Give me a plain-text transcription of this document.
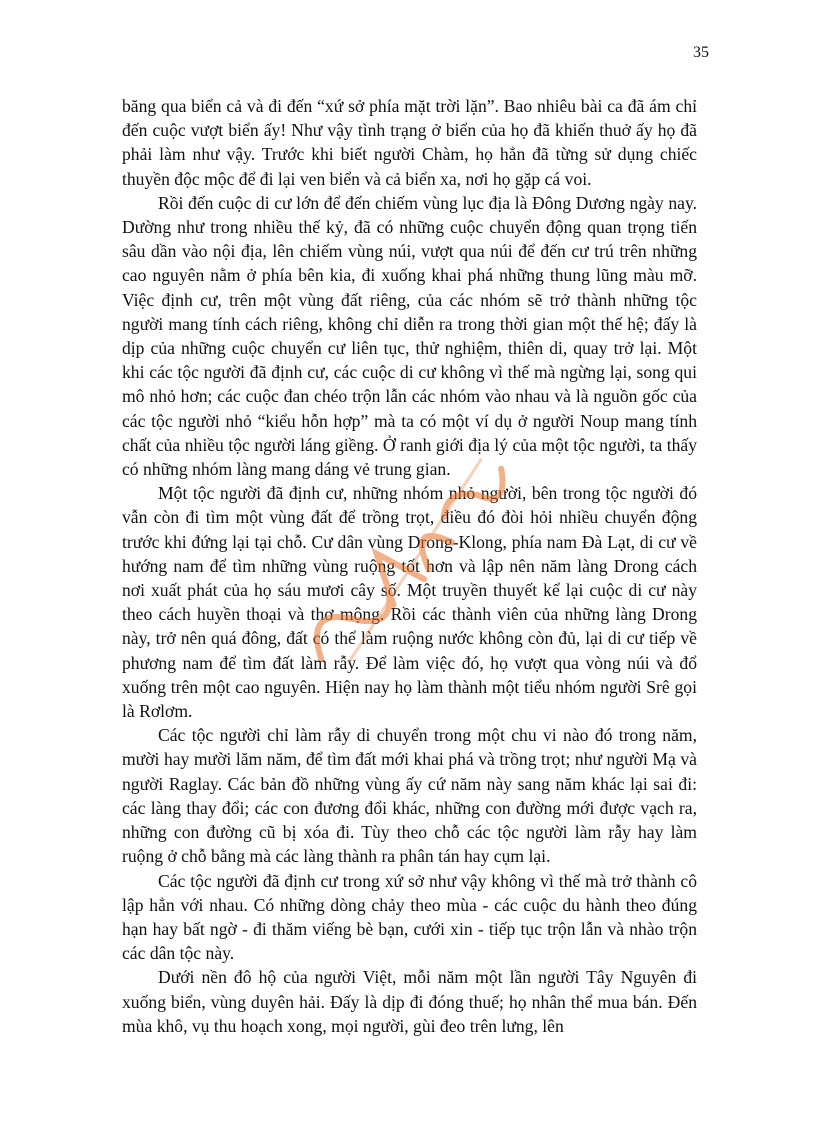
35

băng qua biển cả và đi đến “xứ sở phía mặt trời lặn”. Bao nhiêu bài ca đã ám chỉ đến cuộc vượt biển ấy! Như vậy tình trạng ở biển của họ đã khiến thuở ấy họ đã phải làm như vậy. Trước khi biết người Chàm, họ hẳn đã từng sử dụng chiếc thuyền độc mộc để đi lại ven biển và cả biển xa, nơi họ gặp cá voi.

Rồi đến cuộc di cư lớn để đến chiếm vùng lục địa là Đông Dương ngày nay. Dường như trong nhiều thế kỷ, đã có những cuộc chuyển động quan trọng tiến sâu dần vào nội địa, lên chiếm vùng núi, vượt qua núi để đến cư trú trên những cao nguyên nằm ở phía bên kia, đi xuống khai phá những thung lũng màu mỡ. Việc định cư, trên một vùng đất riêng, của các nhóm sẽ trở thành những tộc người mang tính cách riêng, không chỉ diễn ra trong thời gian một thế hệ; đấy là dịp của những cuộc chuyển cư liên tục, thử nghiệm, thiên di, quay trở lại. Một khi các tộc người đã định cư, các cuộc di cư không vì thế mà ngừng lại, song qui mô nhỏ hơn; các cuộc đan chéo trộn lẫn các nhóm vào nhau và là nguồn gốc của các tộc người nhỏ “kiểu hỗn hợp” mà ta có một ví dụ ở người Noup mang tính chất của nhiều tộc người láng giềng. Ở ranh giới địa lý của một tộc người, ta thấy có những nhóm làng mang dáng vẻ trung gian.

Một tộc người đã định cư, những nhóm nhỏ người, bên trong tộc người đó vẫn còn đi tìm một vùng đất để trồng trọt, điều đó đòi hỏi nhiều chuyển động trước khi đứng lại tại chỗ. Cư dân vùng Drong-Klong, phía nam Đà Lạt, di cư về hướng nam để tìm những vùng ruộng tốt hơn và lập nên năm làng Drong cách nơi xuất phát của họ sáu mươi cây số. Một truyền thuyết kể lại cuộc di cư này theo cách huyền thoại và thơ mộng. Rồi các thành viên của những làng Drong này, trở nên quá đông, đất có thể làm ruộng nước không còn đủ, lại di cư tiếp về phương nam để tìm đất làm rẫy. Để làm việc đó, họ vượt qua vòng núi và đổ xuống trên một cao nguyên. Hiện nay họ làm thành một tiểu nhóm người Srê gọi là Rơlơm.

Các tộc người chỉ làm rẫy di chuyển trong một chu vi nào đó trong năm, mười hay mười lăm năm, để tìm đất mới khai phá và trồng trọt; như người Mạ và người Raglay. Các bản đồ những vùng ấy cứ năm này sang năm khác lại sai đi: các làng thay đổi; các con đương đổi khác, những con đường mới được vạch ra, những con đường cũ bị xóa đi. Tùy theo chỗ các tộc người làm rẫy hay làm ruộng ở chỗ bằng mà các làng thành ra phân tán hay cụm lại.

Các tộc người đã định cư trong xứ sở như vậy không vì thế mà trở thành cô lập hẳn với nhau. Có những dòng chảy theo mùa - các cuộc du hành theo đúng hạn hay bất ngờ - đi thăm viếng bè bạn, cưới xin - tiếp tục trộn lẫn và nhào trộn các dân tộc này.

Dưới nền đô hộ của người Việt, mỗi năm một lần người Tây Nguyên đi xuống biển, vùng duyên hải. Đấy là dịp đi đóng thuế; họ nhân thể mua bán. Đến mùa khô, vụ thu hoạch xong, mọi người, gùi đeo trên lưng, lên
